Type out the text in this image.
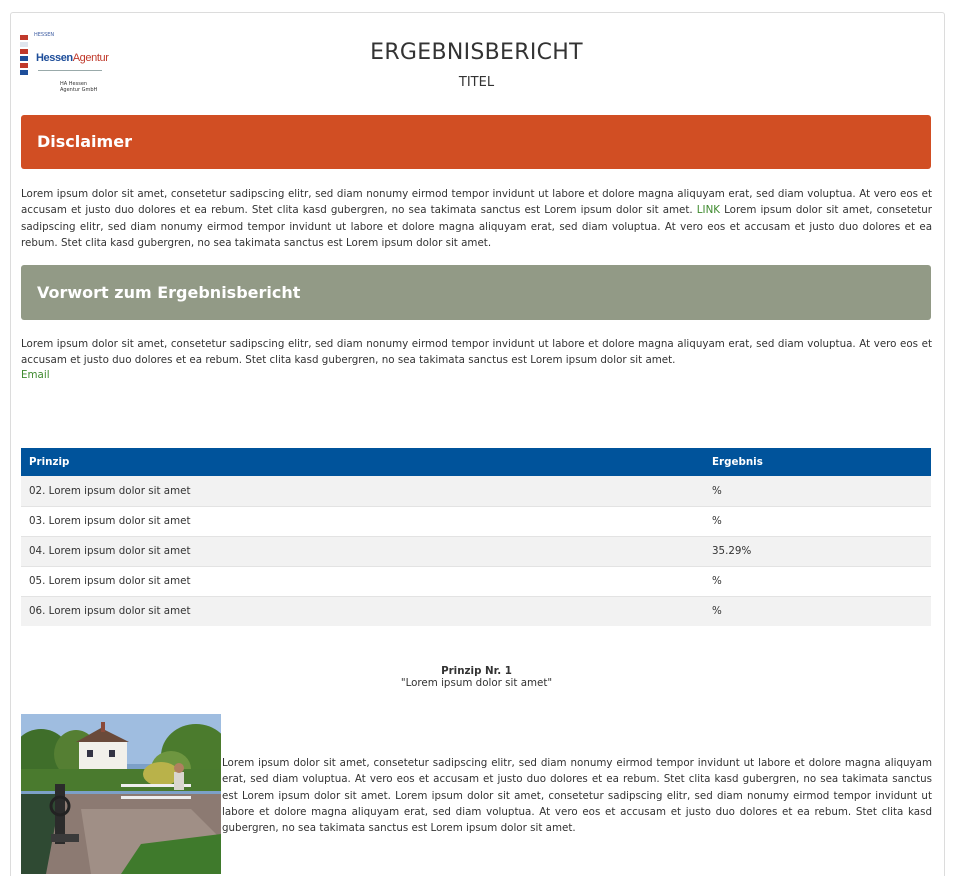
HESSEN
HessenAgentur
HA Hessen Agentur GmbH
ERGEBNISBERICHT
TITEL
Disclaimer
Lorem ipsum dolor sit amet, consetetur sadipscing elitr, sed diam nonumy eirmod tempor invidunt ut labore et dolore magna aliquyam erat, sed diam voluptua. At vero eos et accusam et justo duo dolores et ea rebum. Stet clita kasd gubergren, no sea takimata sanctus est Lorem ipsum dolor sit amet. LINK Lorem ipsum dolor sit amet, consetetur sadipscing elitr, sed diam nonumy eirmod tempor invidunt ut labore et dolore magna aliquyam erat, sed diam voluptua. At vero eos et accusam et justo duo dolores et ea rebum. Stet clita kasd gubergren, no sea takimata sanctus est Lorem ipsum dolor sit amet.
Vorwort zum Ergebnisbericht
Lorem ipsum dolor sit amet, consetetur sadipscing elitr, sed diam nonumy eirmod tempor invidunt ut labore et dolore magna aliquyam erat, sed diam voluptua. At vero eos et accusam et justo duo dolores et ea rebum. Stet clita kasd gubergren, no sea takimata sanctus est Lorem ipsum dolor sit amet.
Email
Prinzip	Ergebnis
02. Lorem ipsum dolor sit amet	%
03. Lorem ipsum dolor sit amet	%
04. Lorem ipsum dolor sit amet	35.29%
05. Lorem ipsum dolor sit amet	%
06. Lorem ipsum dolor sit amet	%
Prinzip Nr. 1
"Lorem ipsum dolor sit amet"
Lorem ipsum dolor sit amet, consetetur sadipscing elitr, sed diam nonumy eirmod tempor invidunt ut labore et dolore magna aliquyam erat, sed diam voluptua. At vero eos et accusam et justo duo dolores et ea rebum. Stet clita kasd gubergren, no sea takimata sanctus est Lorem ipsum dolor sit amet. Lorem ipsum dolor sit amet, consetetur sadipscing elitr, sed diam nonumy eirmod tempor invidunt ut labore et dolore magna aliquyam erat, sed diam voluptua. At vero eos et accusam et justo duo dolores et ea rebum. Stet clita kasd gubergren, no sea takimata sanctus est Lorem ipsum dolor sit amet.
